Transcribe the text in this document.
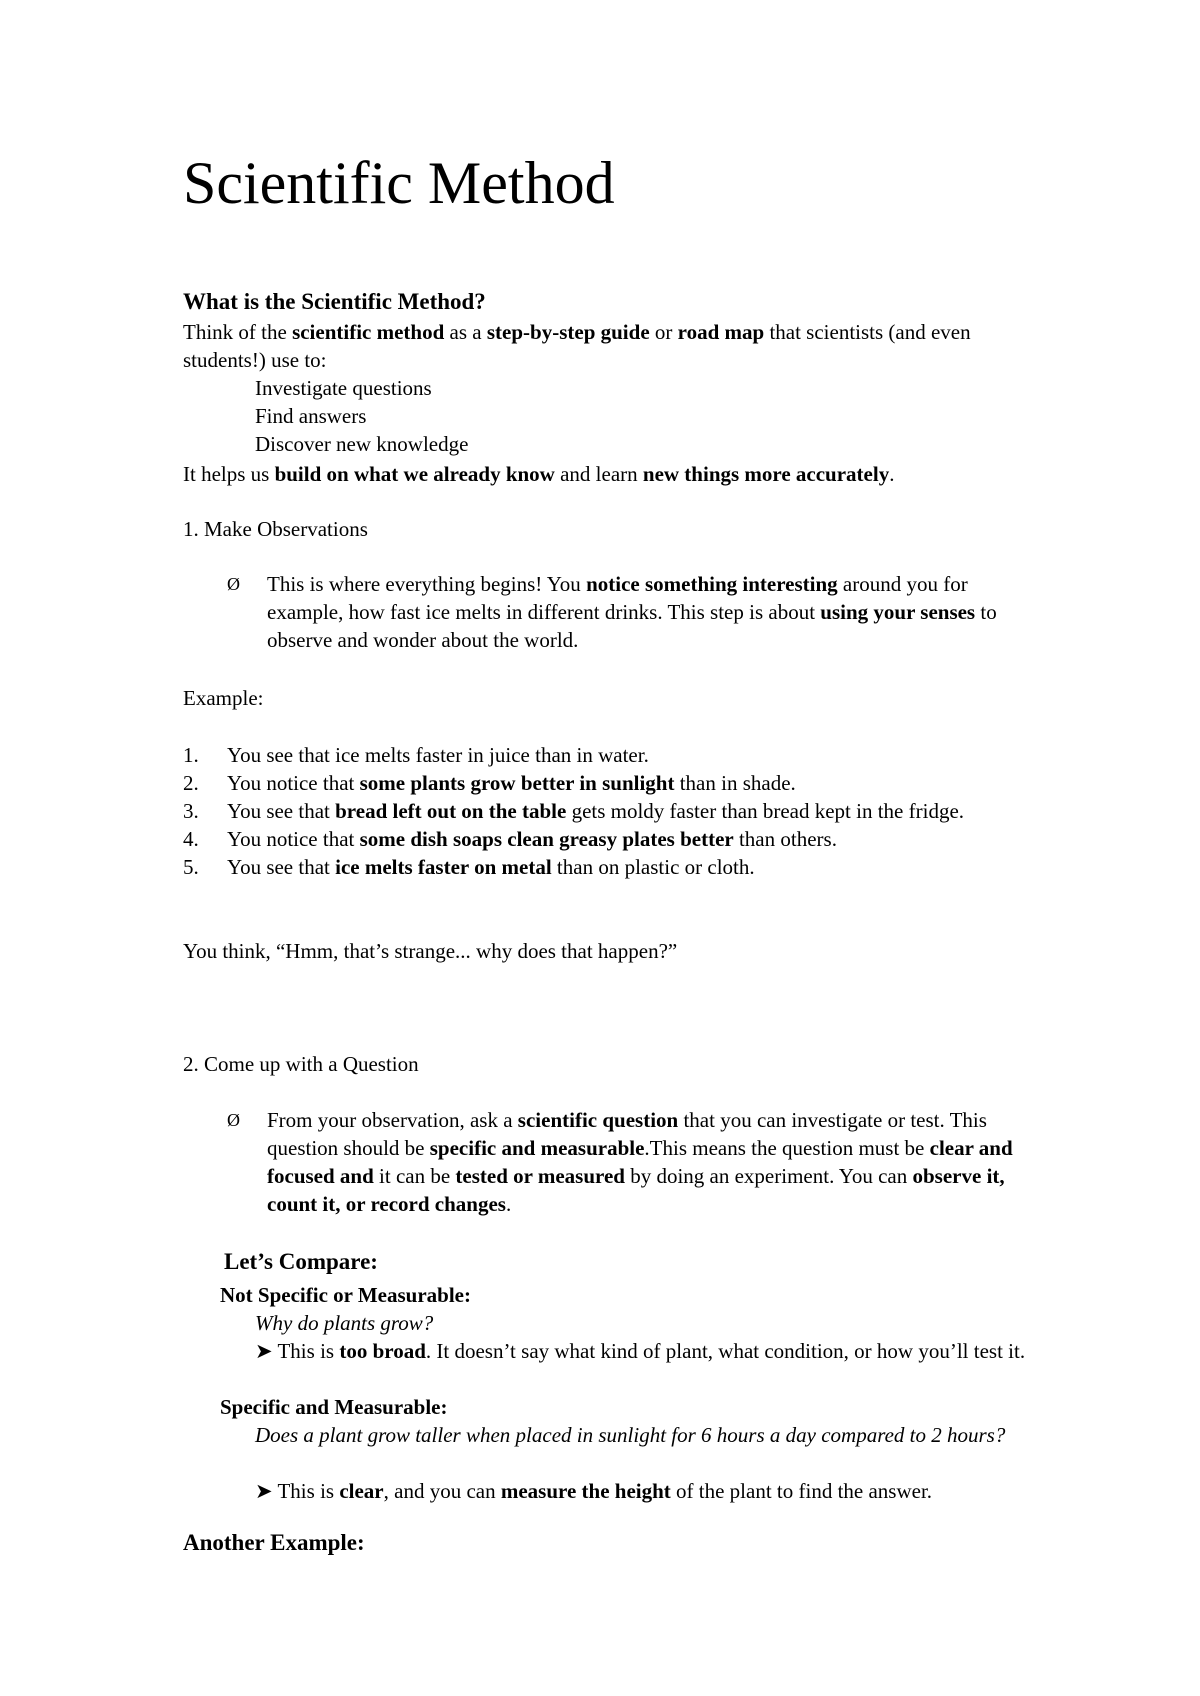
Scientific Method
What is the Scientific Method?
Think of the scientific method as a step-by-step guide or road map that scientists (and even students!) use to:
Investigate questions
Find answers
Discover new knowledge
It helps us build on what we already know and learn new things more accurately.
1. Make Observations
Ø This is where everything begins! You notice something interesting around you for example, how fast ice melts in different drinks. This step is about using your senses to observe and wonder about the world.
Example:
1. You see that ice melts faster in juice than in water.
2. You notice that some plants grow better in sunlight than in shade.
3. You see that bread left out on the table gets moldy faster than bread kept in the fridge.
4. You notice that some dish soaps clean greasy plates better than others.
5. You see that ice melts faster on metal than on plastic or cloth.
You think, “Hmm, that’s strange... why does that happen?”
2. Come up with a Question
Ø From your observation, ask a scientific question that you can investigate or test. This question should be specific and measurable.This means the question must be clear and focused and it can be tested or measured by doing an experiment. You can observe it, count it, or record changes.
Let’s Compare:
Not Specific or Measurable:
Why do plants grow?
➤ This is too broad. It doesn’t say what kind of plant, what condition, or how you’ll test it.
Specific and Measurable:
Does a plant grow taller when placed in sunlight for 6 hours a day compared to 2 hours?
➤ This is clear, and you can measure the height of the plant to find the answer.
Another Example:
